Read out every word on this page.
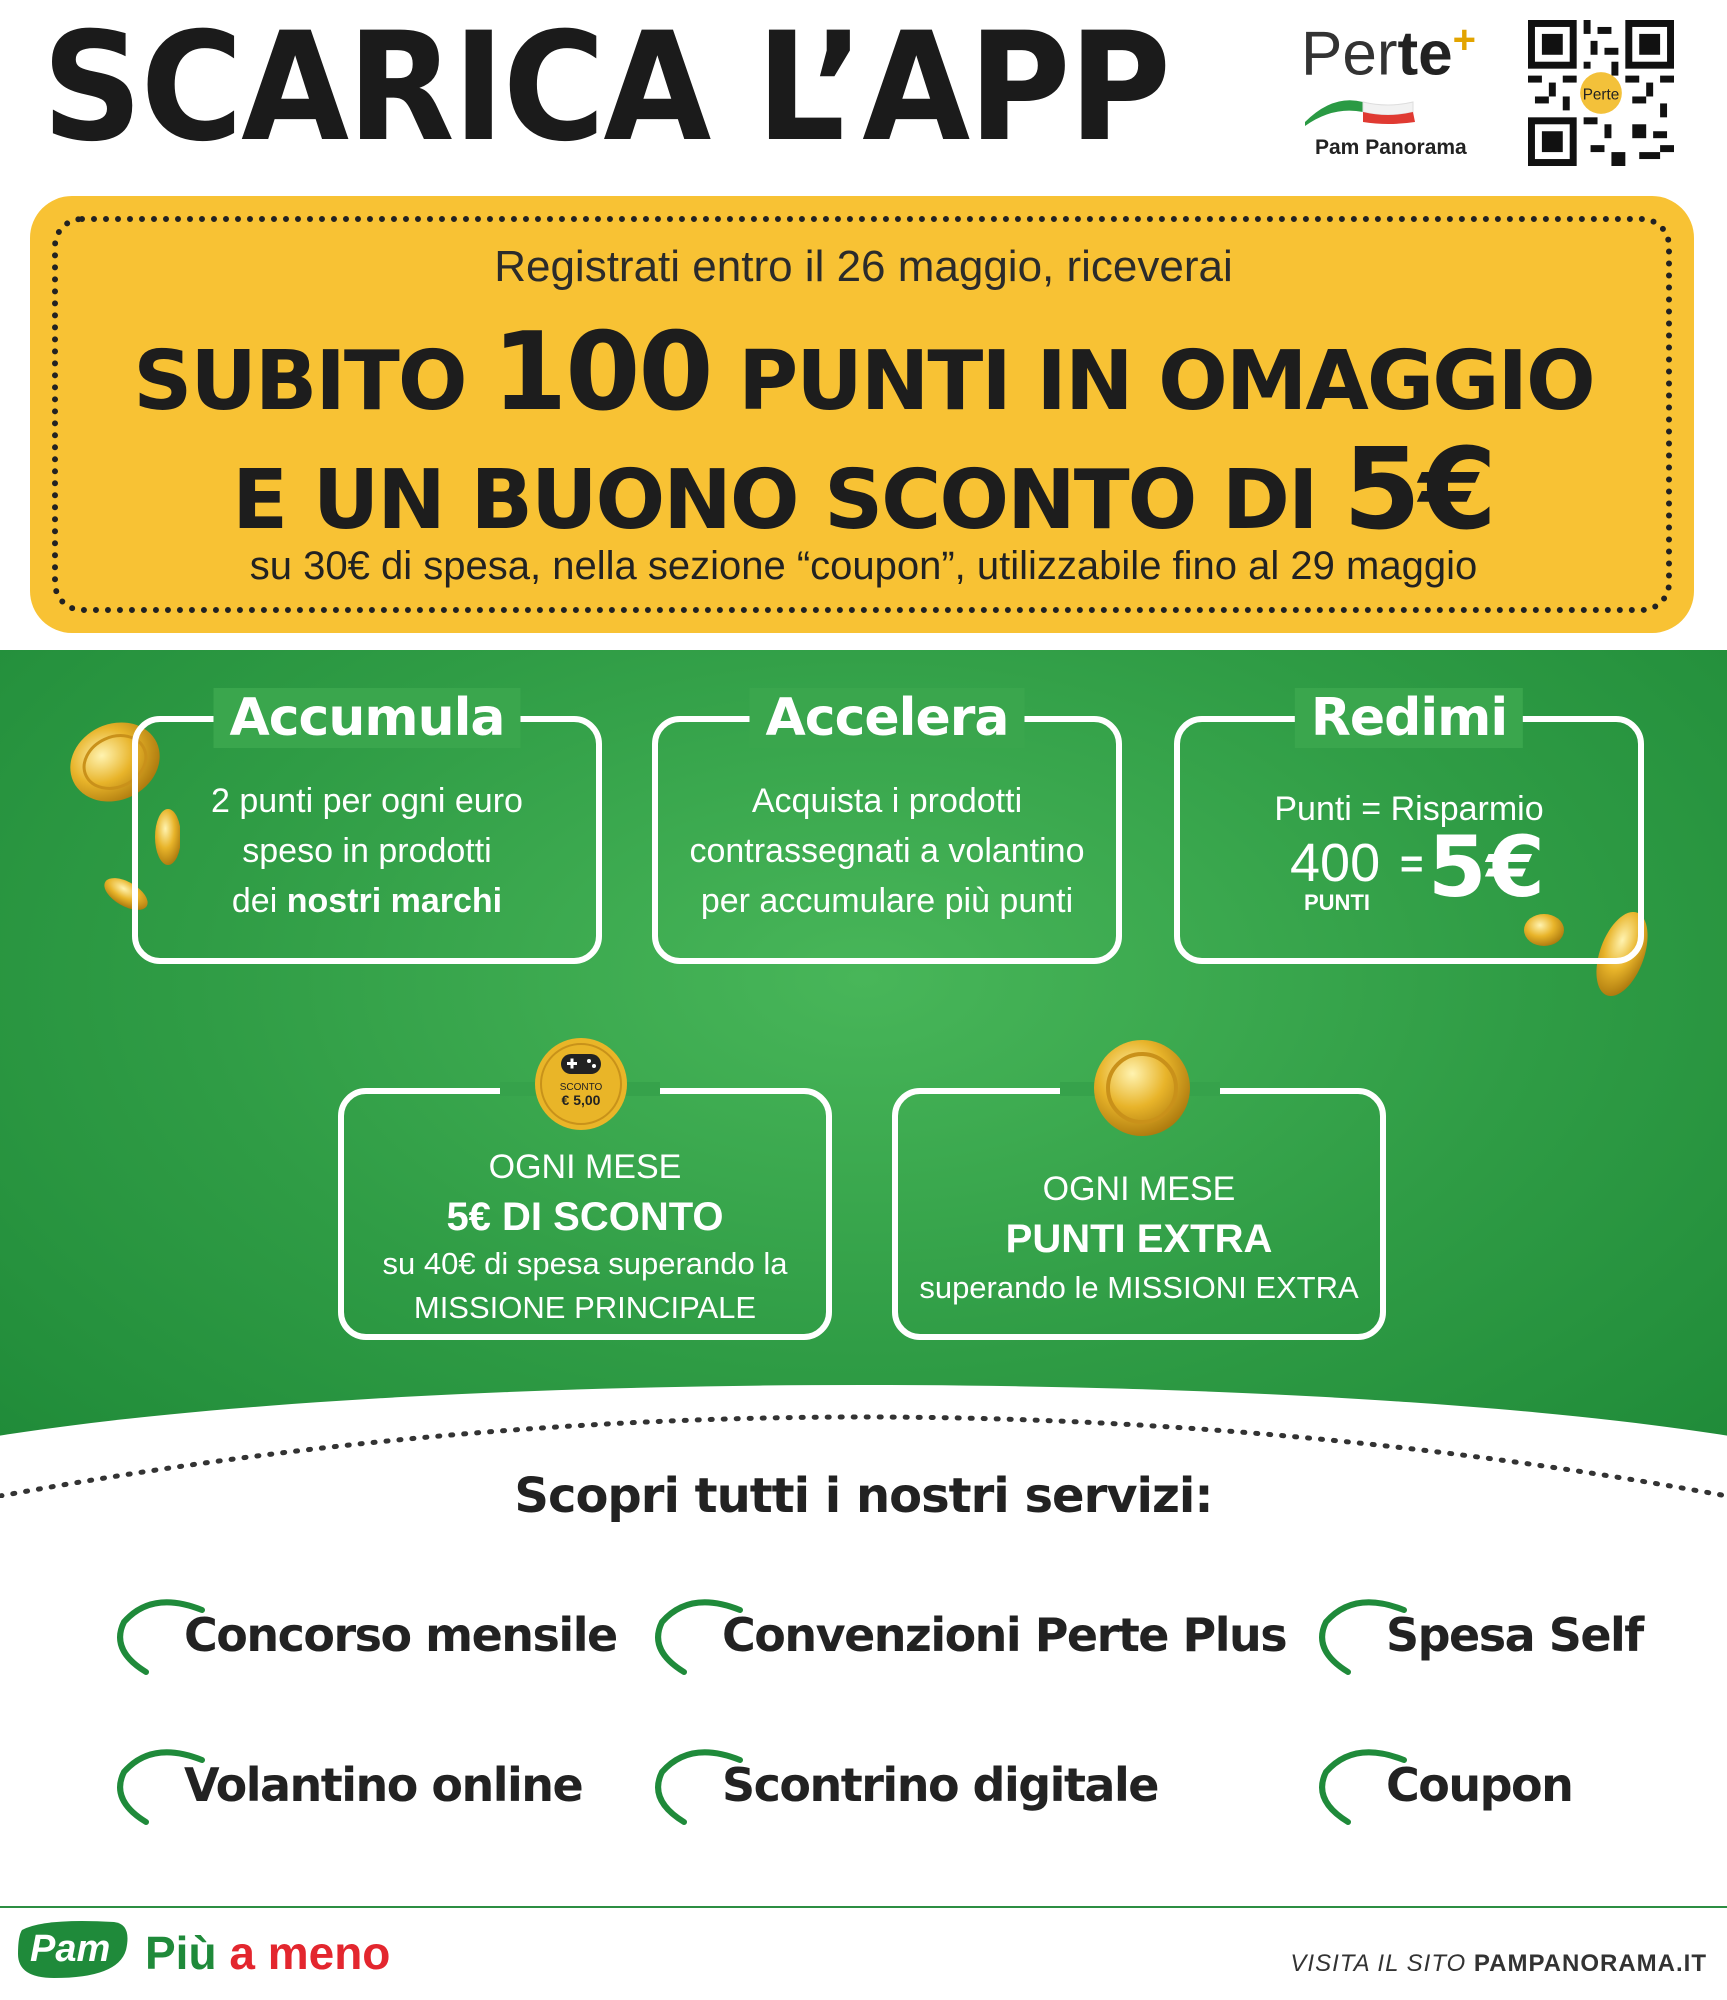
SCARICA L’APP Perte+
Pam Panorama
Perte
Registrati entro il 26 maggio, riceverai
SUBITO 100 PUNTI IN OMAGGIO
E UN BUONO SCONTO DI 5€
su 30€ di spesa, nella sezione “coupon”, utilizzabile fino al 29 maggio
Accumula
2 punti per ogni euro
speso in prodotti
dei nostri marchi
Accelera
Acquista i prodotti
contrassegnati a volantino
per accumulare più punti
Redimi
Punti = Risparmio
400
PUNTI
= 5€
OGNI MESE
5€ DI SCONTO
su 40€ di spesa superando la
MISSIONE PRINCIPALE
SCONTO
€ 5,00
OGNI MESE
PUNTI EXTRA
superando le MISSIONI EXTRA
Scopri tutti i nostri servizi:
Concorso mensile Convenzioni Perte Plus Spesa Self
Volantino online	Scontrino digitale	Coupon
Pam Più a meno	VISITA IL SITO PAMPANORAMA.IT
